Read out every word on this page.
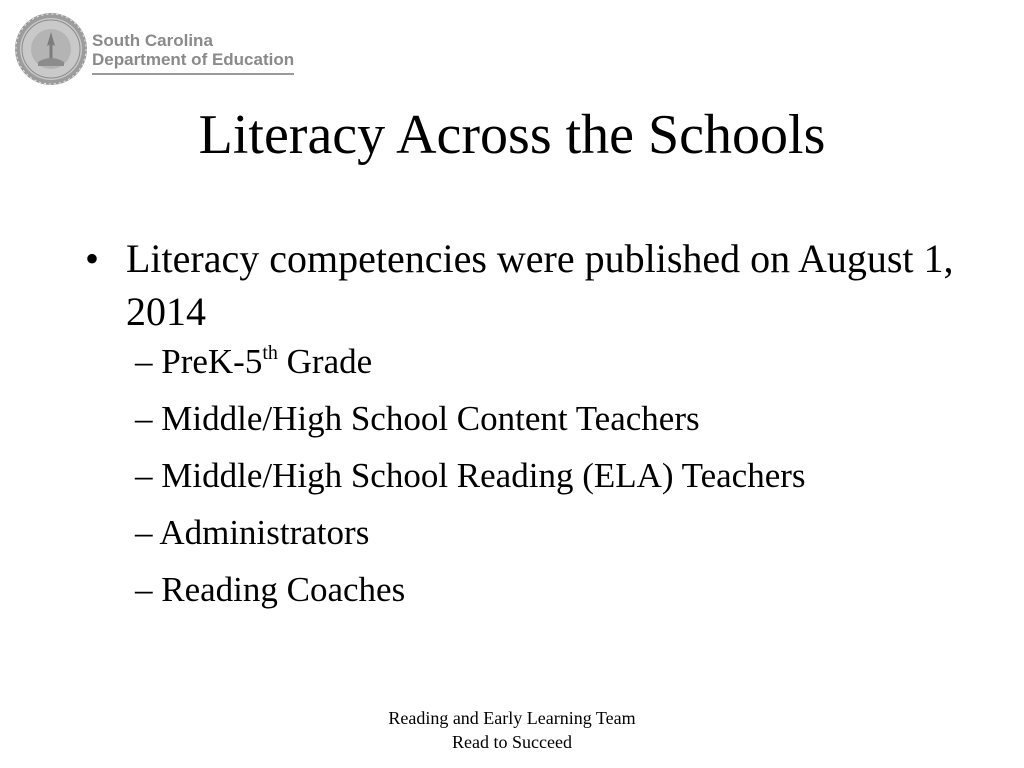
South Carolina
Department of Education
Literacy Across the Schools
• Literacy competencies were published on August 1, 2014
– PreK-5th Grade
– Middle/High School Content Teachers
– Middle/High School Reading (ELA) Teachers
– Administrators
– Reading Coaches
Reading and Early Learning Team
Read to Succeed
